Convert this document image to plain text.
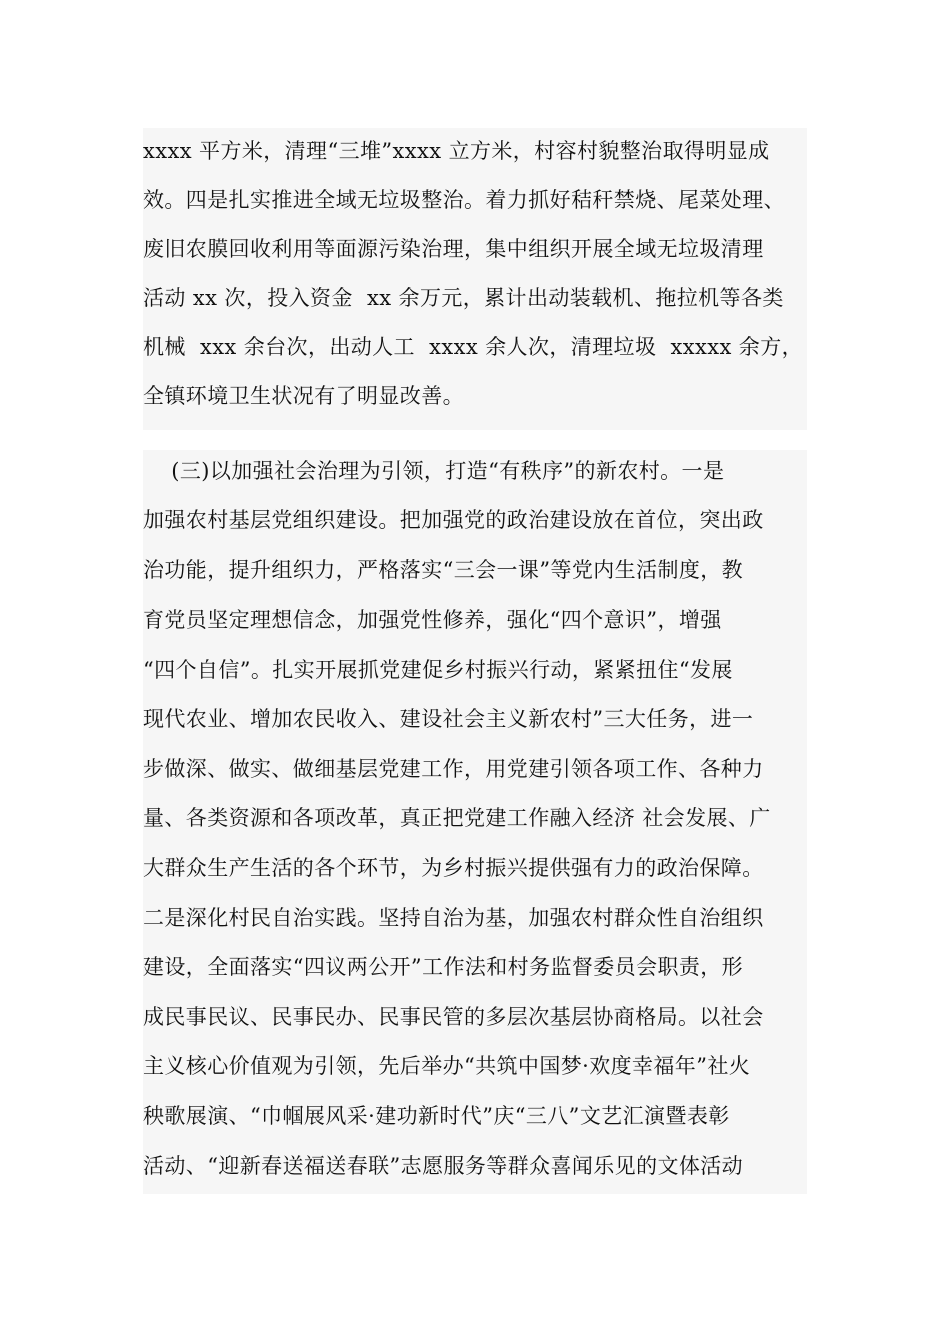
xxxx 平方米，清理“三堆”xxxx 立方米，村容村貌整治取得明显成
效。四是扎实推进全域无垃圾整治。着力抓好秸秆禁烧、尾菜处理、
废旧农膜回收利用等面源污染治理，集中组织开展全域无垃圾清理
活动 xx 次，投入资金  xx 余万元，累计出动装载机、拖拉机等各类
机械  xxx 余台次，出动人工  xxxx 余人次，清理垃圾  xxxxx 余方，
全镇环境卫生状况有了明显改善。
(三)以加强社会治理为引领，打造“有秩序”的新农村。一是
加强农村基层党组织建设。把加强党的政治建设放在首位，突出政
治功能，提升组织力，严格落实“三会一课”等党内生活制度，教
育党员坚定理想信念，加强党性修养，强化“四个意识”，增强
“四个自信”。扎实开展抓党建促乡村振兴行动，紧紧扭住“发展
现代农业、增加农民收入、建设社会主义新农村”三大任务，进一
步做深、做实、做细基层党建工作，用党建引领各项工作、各种力
量、各类资源和各项改革，真正把党建工作融入经济 社会发展、广
大群众生产生活的各个环节，为乡村振兴提供强有力的政治保障。
二是深化村民自治实践。坚持自治为基，加强农村群众性自治组织
建设，全面落实“四议两公开”工作法和村务监督委员会职责，形
成民事民议、民事民办、民事民管的多层次基层协商格局。以社会
主义核心价值观为引领，先后举办“共筑中国梦·欢度幸福年”社火
秧歌展演、“巾帼展风采·建功新时代”庆“三八”文艺汇演暨表彰
活动、“迎新春送福送春联”志愿服务等群众喜闻乐见的文体活动
